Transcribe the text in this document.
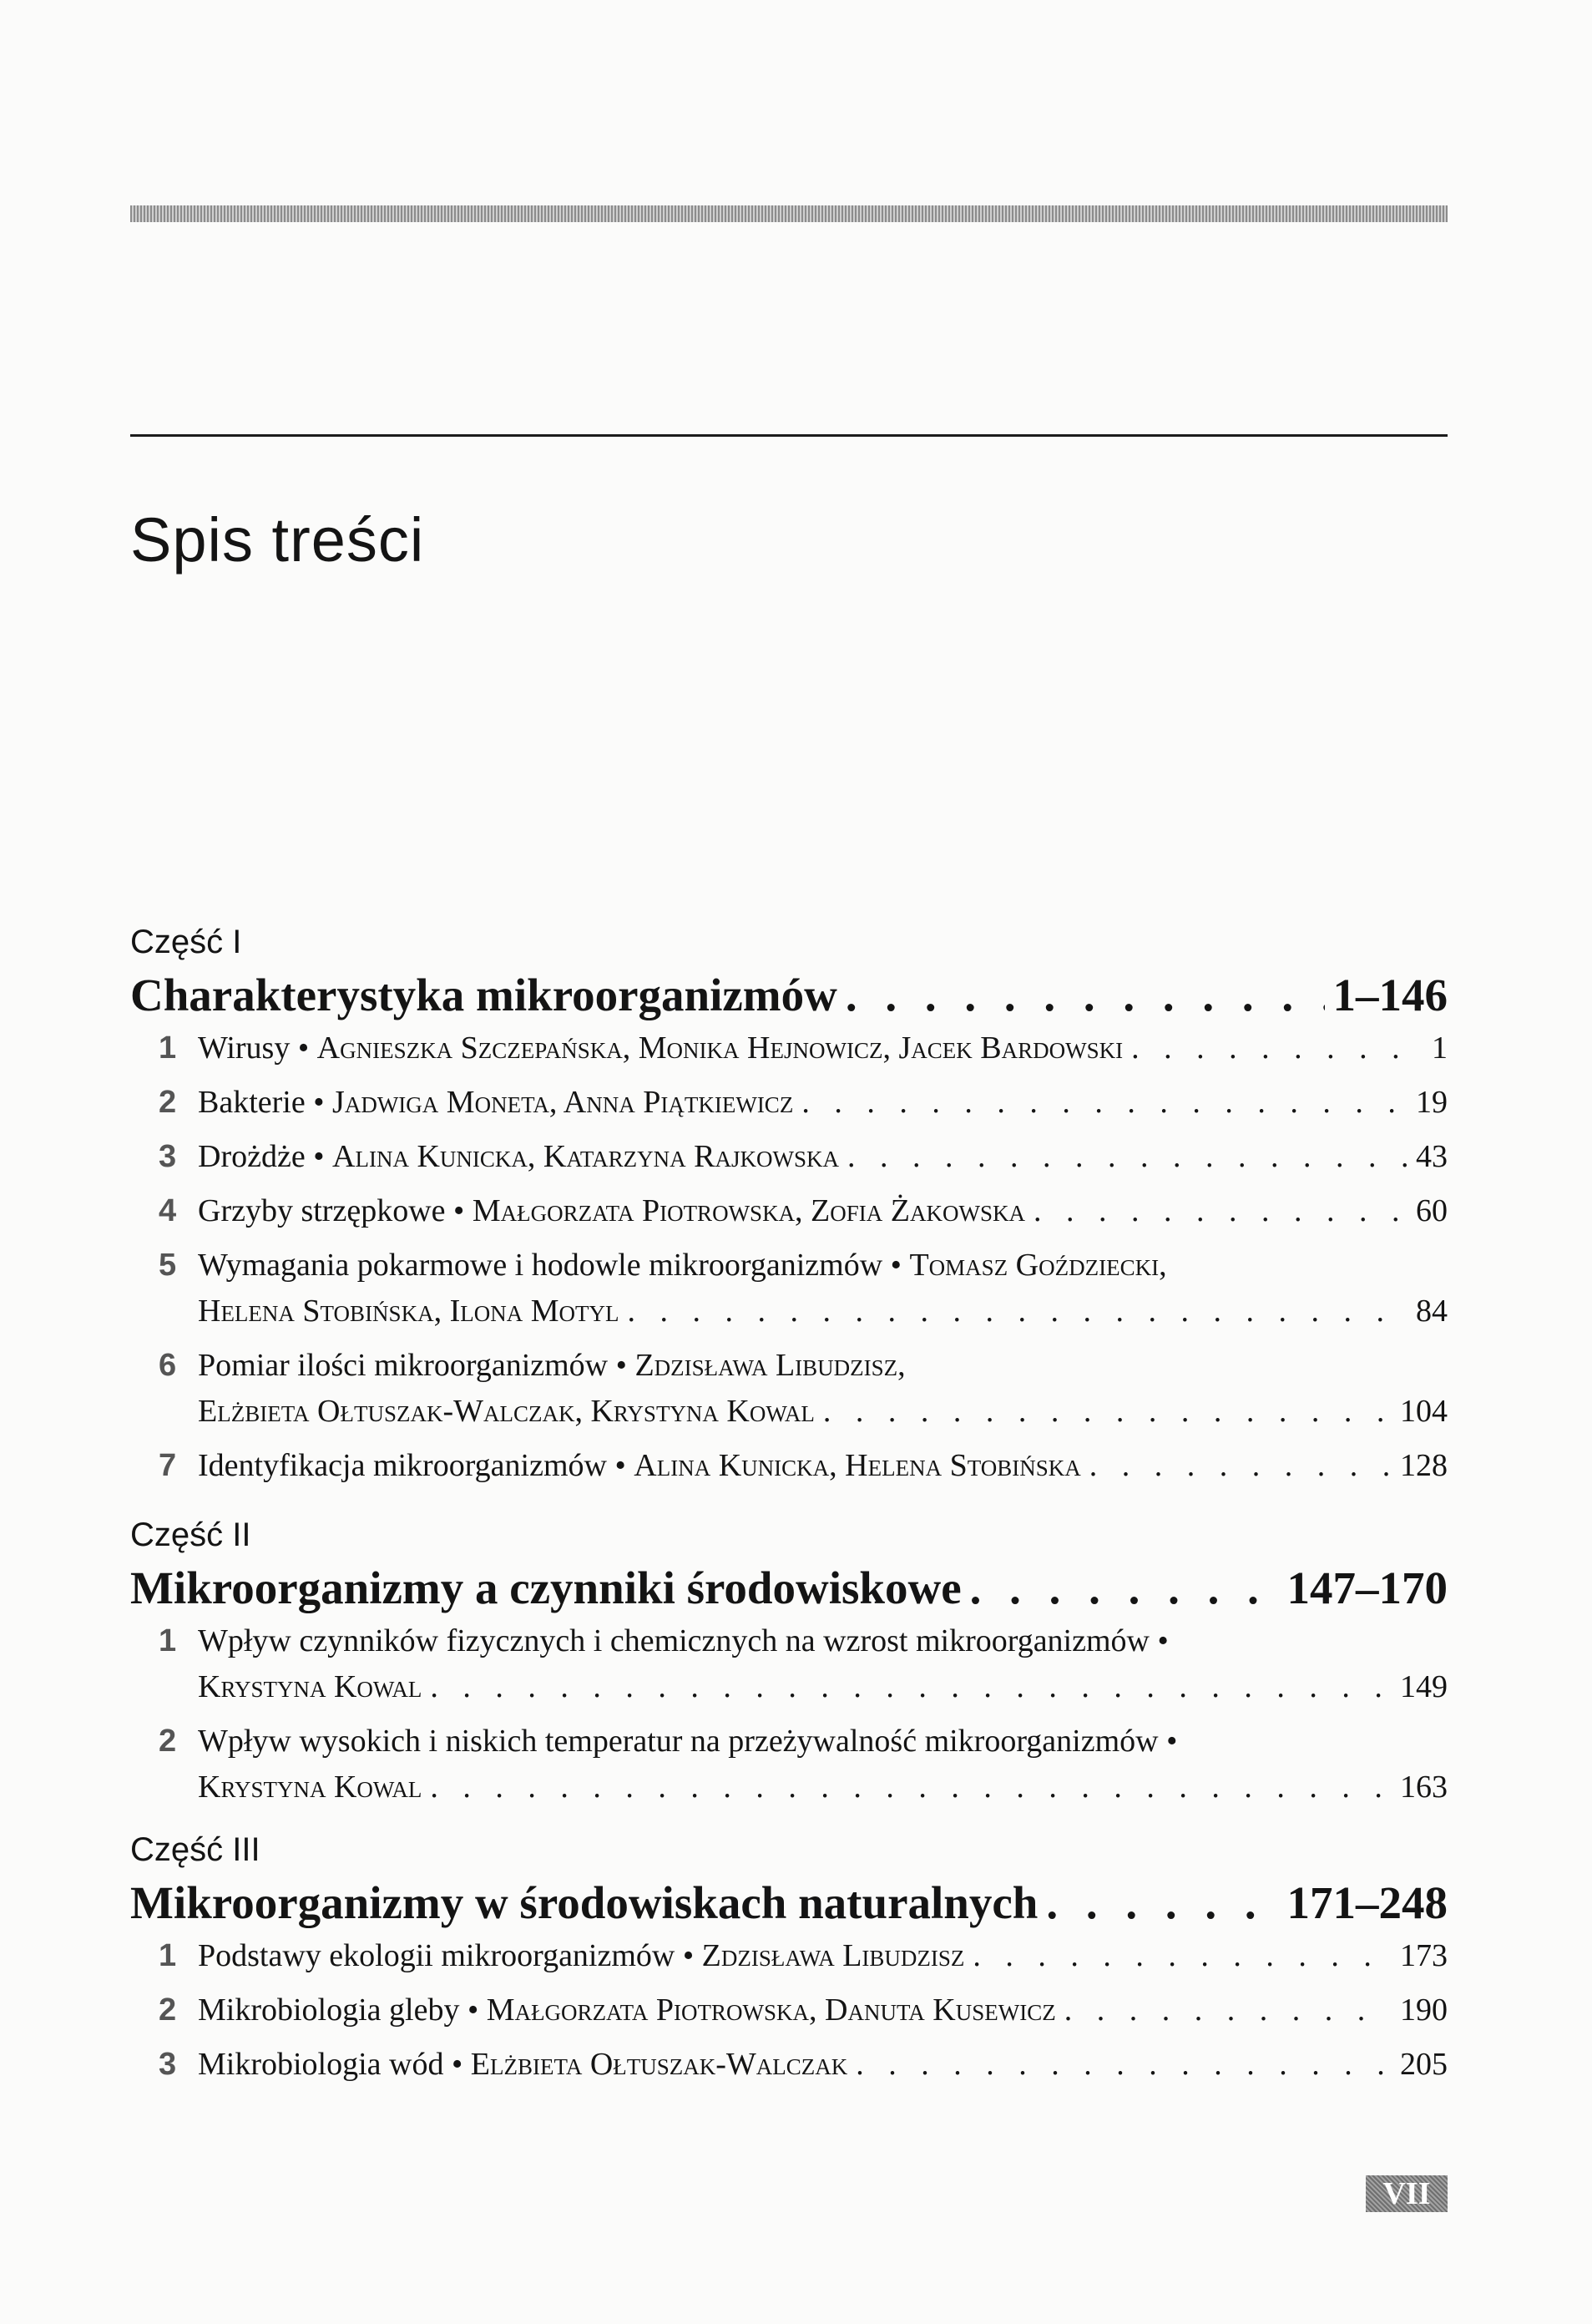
Spis treści
Część I
Charakterystyka mikroorganizmów . . .	1–146
1 Wirusy
•
Agnieszka Szczepańska, Monika Hejnowicz, Jacek Bardowski . . .	1
2 Bakterie
•
Jadwiga Moneta, Anna Piątkiewicz . . .	19
3 Drożdże
•
Alina Kunicka, Katarzyna Rajkowska . . .	43
4 Grzyby strzępkowe
•
Małgorzata Piotrowska, Zofia Żakowska . . .	60
5 Wymagania pokarmowe i hodowle mikroorganizmów
•
Tomasz Goździecki,
Helena Stobińska, Ilona Motyl . . .	84
6 Pomiar ilości mikroorganizmów
•
Zdzisława Libudzisz,
Elżbieta Ołtuszak-Walczak, Krystyna Kowal . . .	104
7 Identyfikacja mikroorganizmów
•
Alina Kunicka, Helena Stobińska . . .	128
Część II
Mikroorganizmy a czynniki środowiskowe . . .	147–170
1 Wpływ czynników fizycznych i chemicznych na wzrost mikroorganizmów
•
Krystyna Kowal . . .	149
2 Wpływ wysokich i niskich temperatur na przeżywalność mikroorganizmów
•
Krystyna Kowal . . .	163
Część III
Mikroorganizmy w środowiskach naturalnych . . .	171–248
1 Podstawy ekologii mikroorganizmów
•
Zdzisława Libudzisz . . .	173
2 Mikrobiologia gleby
•
Małgorzata Piotrowska, Danuta Kusewicz . . .	190
3 Mikrobiologia wód
•
Elżbieta Ołtuszak-Walczak . . .	205
VII
